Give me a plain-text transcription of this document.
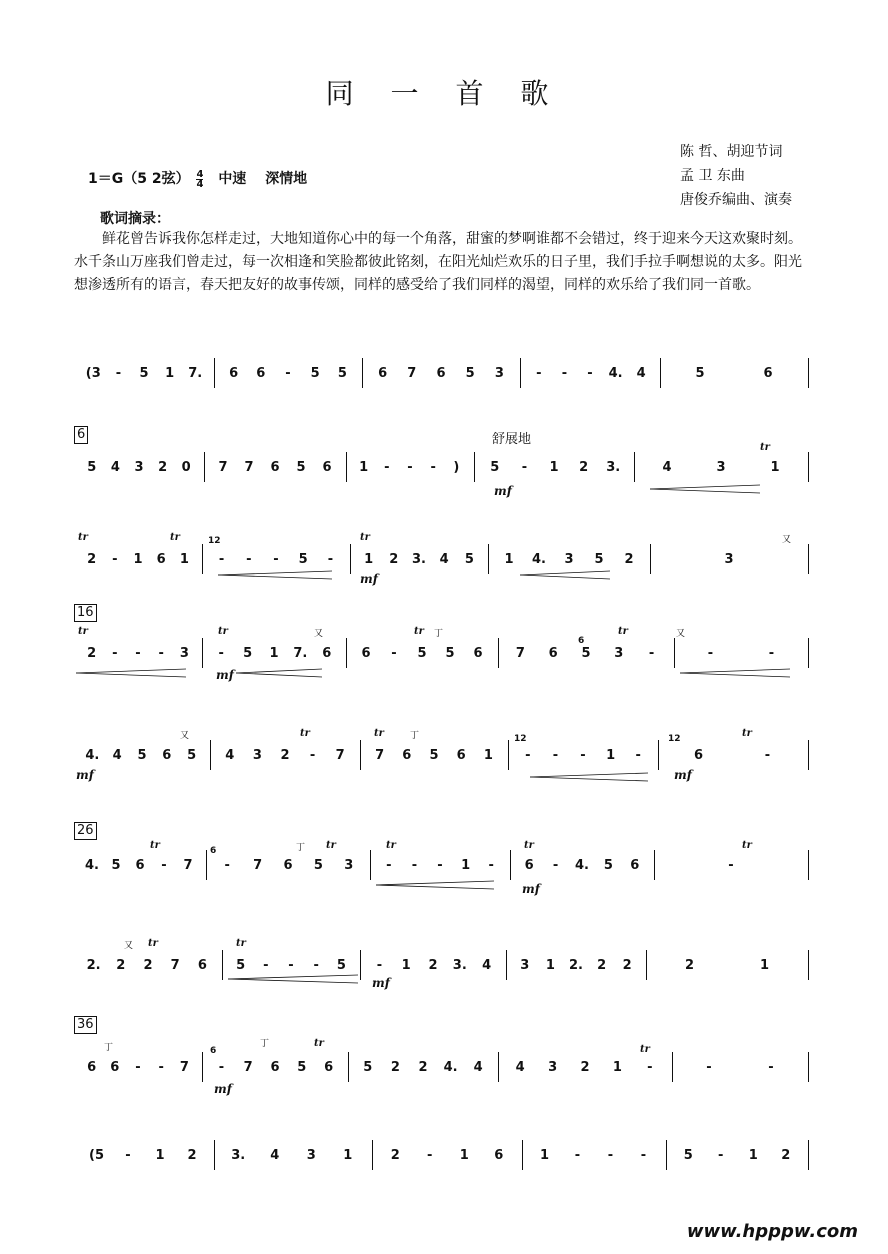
同 一 首 歌
陈 哲、胡迎节词
孟 卫 东曲
唐俊乔编曲、演奏
1＝G（5 2弦） $\frac{4}{4}$ 中速 深情地
歌词摘录：
鲜花曾告诉我你怎样走过，大地知道你心中的每一个角落，甜蜜的梦啊谁都不会错过，终于迎来今天这欢聚时刻。水千条山万座我们曾走过，每一次相逢和笑脸都彼此铭刻，在阳光灿烂欢乐的日子里，我们手拉手啊想说的太多。阳光想渗透所有的语言，春天把友好的故事传颂，同样的感受给了我们同样的渴望，同样的欢乐给了我们同一首歌。
舒展地
6
16
26
36
(3	-	5 1 7. 6 6	-	5 5 6 7 6 5 3	-	-	-	4. 4	5	6
5 4 3 2 0 7 7 6 5 6 1	-	-	-	)	5	-	1 2 3.	4	3	1
2	-	1 6 1	-	-	-	5	-	1 2 3. 4 5 1 4. 3 5 2	3
2	-	-	-	3	-	5 1 7. 6 6	-	5 5 6	7 6 5 3	-	-	-
4. 4 5 6 5 4 3 2	-	7 7 6 5 6 1	-	-	-	1	-	6	-
4. 5 6	-	7	-	7 6 5 3	-	-	-	1	-	6	-	4. 5 6	-
2. 2 2 7 6 5	-	-	-	5	-	1 2 3. 4 3 1 2. 2 2	2	1
6 6	-	-	7	-	7 6 5 6 5 2 2 4. 4	4 3 2 1	-	-	-
(5	-	1 2	3. 4 3 1	2	-	1 6	1	-	-	-	5	-	1 2
www.hpppw.com
tr
tr	tr	tr
tr	tr	tr	tr
tr	tr	tr
tr	tr	tr	tr	tr
tr	tr
tr
tr
mf
mf
mf
mf	mf
mf
mf
mf
又
又	又
又
又
丁
丁
丁
丁	丁
12
12	12
6
6
6
